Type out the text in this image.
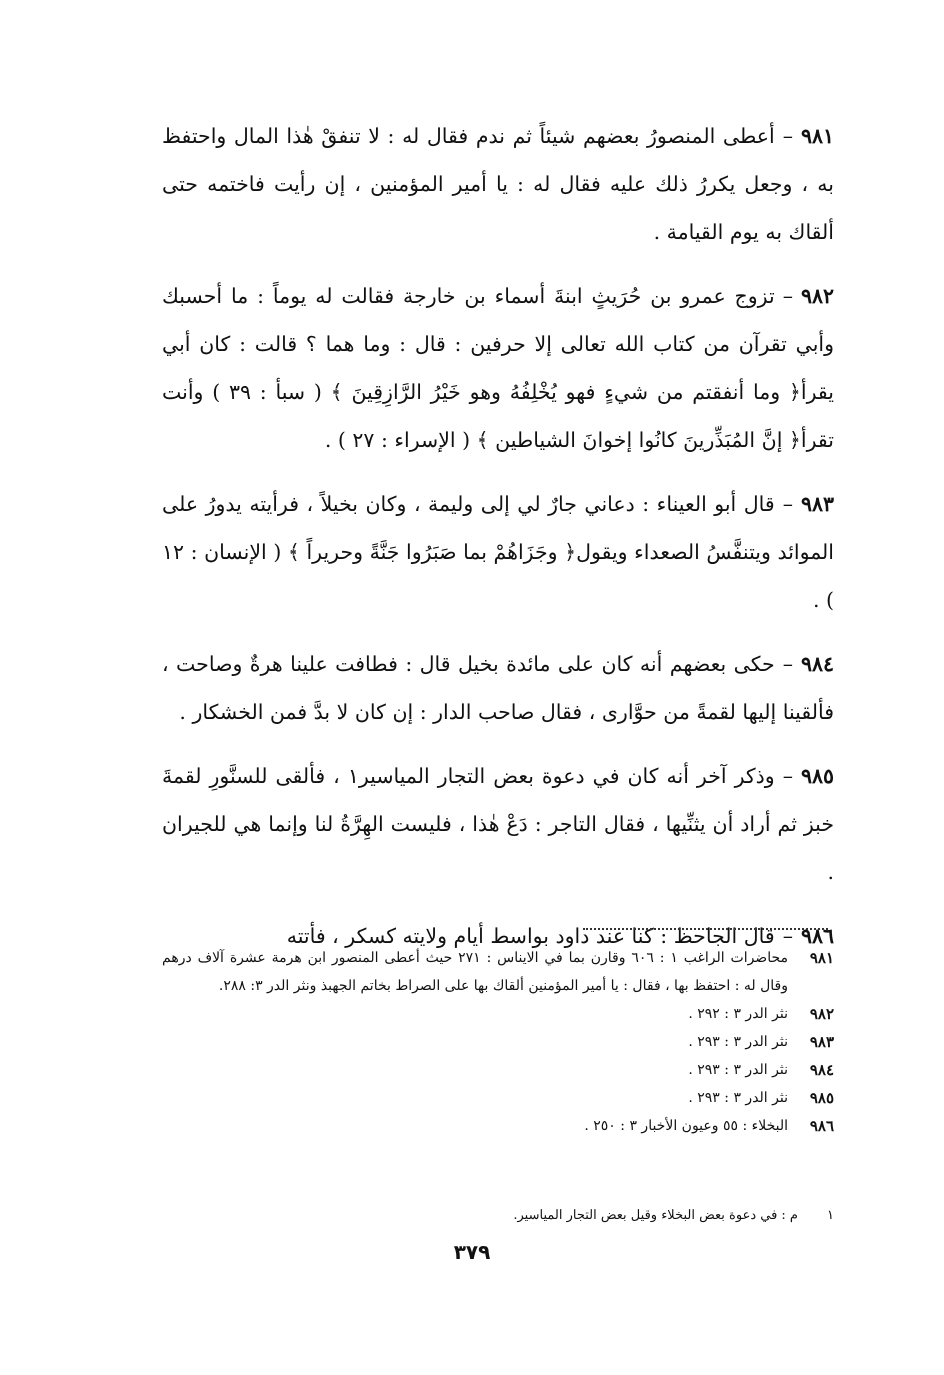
٩٨١–أعطى المنصورُ بعضهم شيئاً ثم ندم فقال له : لا تنفقْ هٰذا المال واحتفظ به ، وجعل يكررُ ذلك عليه فقال له : يا أمير المؤمنين ، إن رأيت فاختمه حتى ألقاك به يوم القيامة .

٩٨٢–تزوج عمرو بن حُرَيثٍ ابنةَ أسماء بن خارجة فقالت له يوماً : ما أحسبك وأبي تقرآن من كتاب الله تعالى إلا حرفين : قال : وما هما ؟ قالت : كان أبي يقرأ﴿ وما أنفقتم من شيءٍ فهو يُخْلِفُهُ وهو خَيْرُ الرَّازِقِينَ ﴾ ( سبأ : ٣٩ ) وأنت تقرأ﴿ إنَّ المُبَذِّرينَ كانُوا إخوانَ الشياطين ﴾ ( الإسراء : ٢٧ ) .

٩٨٣–قال أبو العيناء : دعاني جارٌ لي إلى وليمة ، وكان بخيلاً ، فرأيته يدورُ على الموائد ويتنفَّسُ الصعداء ويقول﴿ وجَزَاهُمْ بما صَبَرُوا جَنَّةً وحريراً ﴾ ( الإنسان : ١٢ ) .

٩٨٤–حكى بعضهم أنه كان على مائدة بخيل قال : فطافت علينا هرةٌ وصاحت ، فألقينا إليها لقمةً من حوَّارى ، فقال صاحب الدار : إن كان لا بدَّ فمن الخشكار .

٩٨٥–وذكر آخر أنه كان في دعوة بعض التجار المياسير١ ، فألقى للسنَّورِ لقمةَ خبز ثم أراد أن يثنِّيها ، فقال التاجر : دَعْ هٰذا ، فليست الهِرَّةُ لنا وإنما هي للجيران .

٩٨٦–قال الجاحظ : كنا عند داود بواسط أيام ولايته كسكر ، فأتته

٩٨١
محاضرات الراغب ١ : ٦٠٦ وقارن بما في الايناس : ٢٧١ حيث أعطى المنصور ابن هرمة عشرة آلاف درهم وقال له : احتفظ بها ، فقال : يا أمير المؤمنين ألقاك بها على الصراط بخاتم الجهبذ ونثر الدر ٣: ٢٨٨.
٩٨٢
نثر الدر ٣ : ٢٩٢ .
٩٨٣
نثر الدر ٣ : ٢٩٣ .
٩٨٤
نثر الدر ٣ : ٢٩٣ .
٩٨٥
نثر الدر ٣ : ٢٩٣ .
٩٨٦
البخلاء : ٥٥ وعيون الأخبار ٣ : ٢٥٠ .
١م : في دعوة بعض البخلاء وقيل بعض التجار المياسير.
٣٧٩
